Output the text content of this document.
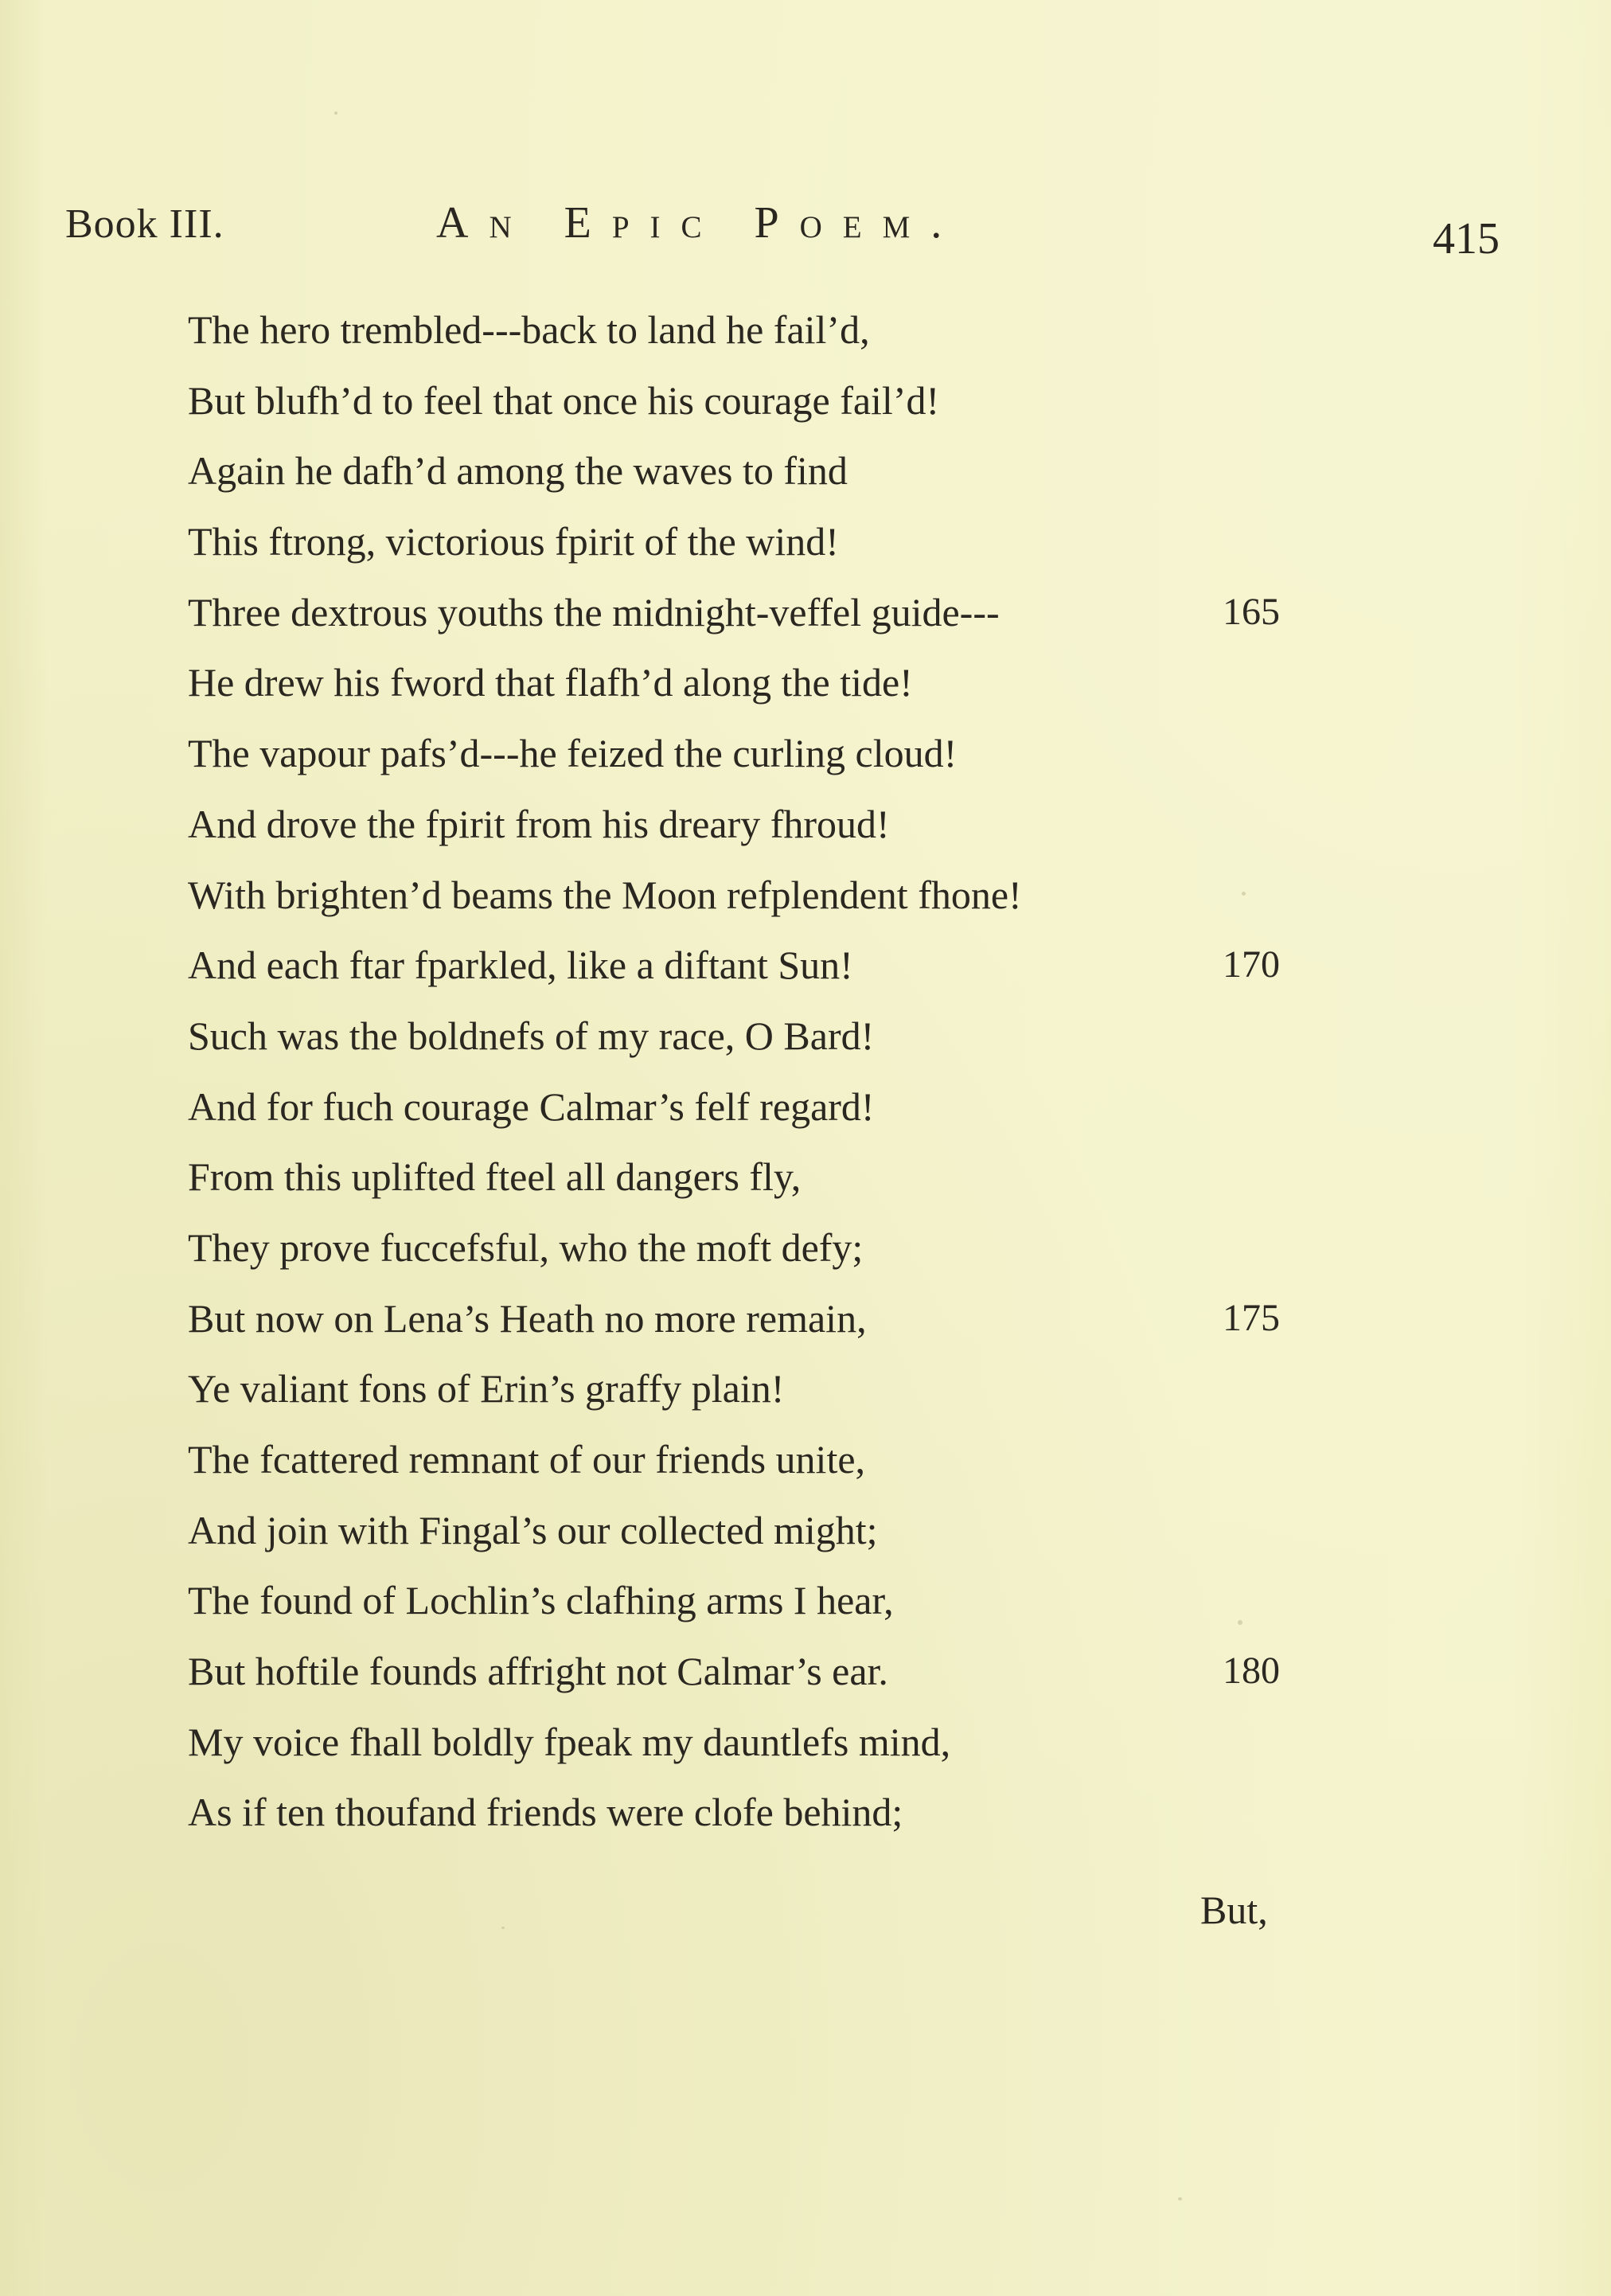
Book III.	An Epic Poem.	415
The hero trembled---back to land he fail’d,
But blufh’d to feel that once his courage fail’d!
Again he dafh’d among the waves to find
This ftrong, victorious fpirit of the wind!
Three dextrous youths the midnight-veffel guide---	165
He drew his fword that flafh’d along the tide!
The vapour pafs’d---he feized the curling cloud!
And drove the fpirit from his dreary fhroud!
With brighten’d beams the Moon refplendent fhone!
And each ftar fparkled, like a diftant Sun!	170
Such was the boldnefs of my race, O Bard!
And for fuch courage Calmar’s felf regard!
From this uplifted fteel all dangers fly,
They prove fuccefsful, who the moft defy;
But now on Lena’s Heath no more remain,	175
Ye valiant fons of Erin’s graffy plain!
The fcattered remnant of our friends unite,
And join with Fingal’s our collected might;
The found of Lochlin’s clafhing arms I hear,
But hoftile founds affright not Calmar’s ear.	180
My voice fhall boldly fpeak my dauntlefs mind,
As if ten thoufand friends were clofe behind;
But,
